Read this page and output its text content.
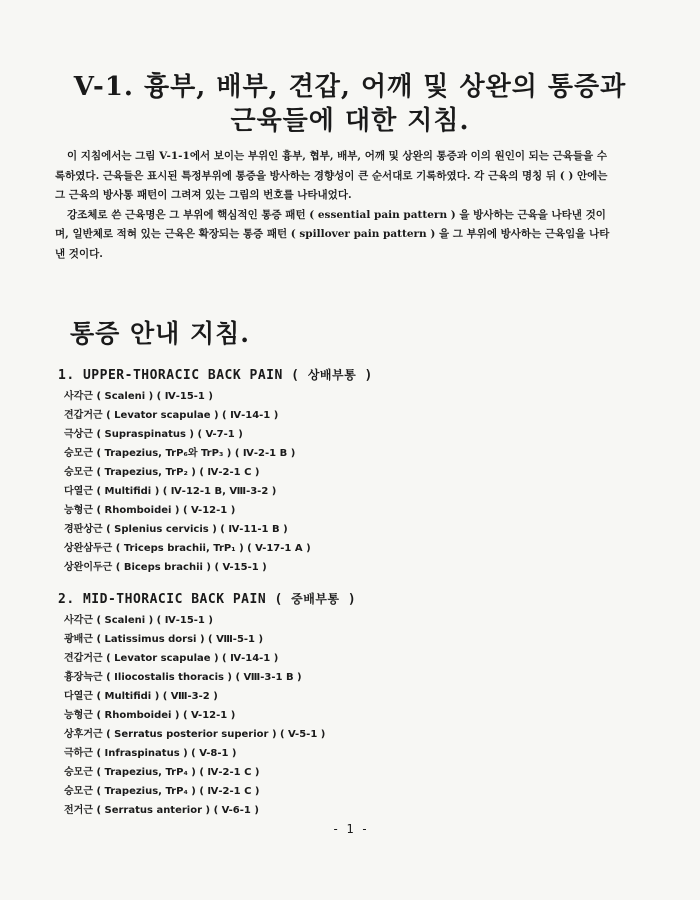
V-1. 흉부, 배부, 견갑, 어깨 및 상완의 통증과
근육들에 대한 지침.

이 지침에서는 그림 V-1-1에서 보이는 부위인 흉부, 협부, 배부, 어깨 및 상완의 통증과 이의 원인이 되는 근육들을 수록하였다. 근육들은 표시된 특정부위에 통증을 방사하는 경향성이 큰 순서대로 기록하였다. 각 근육의 명칭 뒤 ( ) 안에는 그 근육의 방사통 패턴이 그려져 있는 그림의 번호를 나타내었다.

강조체로 쓴 근육명은 그 부위에 핵심적인 통증 패턴 ( essential pain pattern ) 을 방사하는 근육을 나타낸 것이며, 일반체로 적혀 있는 근육은 확장되는 통증 패턴 ( spillover pain pattern ) 을 그 부위에 방사하는 근육임을 나타낸 것이다.

통증 안내 지침.
1. UPPER-THORACIC BACK PAIN ( 상배부통 )
사각근 ( Scaleni ) ( Ⅳ-15-1 )
견갑거근 ( Levator scapulae ) ( Ⅳ-14-1 )
극상근 ( Supraspinatus ) ( V-7-1 )
승모근 ( Trapezius, TrP₆와 TrP₃ ) ( Ⅳ-2-1 B )
승모근 ( Trapezius, TrP₂ ) ( Ⅳ-2-1 C )
다열근 ( Multifidi ) ( Ⅳ-12-1 B, Ⅷ-3-2 )
능형근 ( Rhomboidei ) ( V-12-1 )
경판상근 ( Splenius cervicis ) ( Ⅳ-11-1 B )
상완삼두근 ( Triceps brachii, TrP₁ ) ( V-17-1 A )
상완이두근 ( Biceps brachii ) ( V-15-1 )
2. MID-THORACIC BACK PAIN ( 중배부통 )
사각근 ( Scaleni ) ( Ⅳ-15-1 )
광배근 ( Latissimus dorsi ) ( Ⅷ-5-1 )
견갑거근 ( Levator scapulae ) ( Ⅳ-14-1 )
흉장늑근 ( Iliocostalis thoracis ) ( Ⅷ-3-1 B )
다열근 ( Multifidi ) ( Ⅷ-3-2 )
능형근 ( Rhomboidei ) ( V-12-1 )
상후거근 ( Serratus posterior superior ) ( V-5-1 )
극하근 ( Infraspinatus ) ( V-8-1 )
승모근 ( Trapezius, TrP₄ ) ( Ⅳ-2-1 C )
승모근 ( Trapezius, TrP₄ ) ( Ⅳ-2-1 C )
전거근 ( Serratus anterior ) ( V-6-1 )
- 1 -
